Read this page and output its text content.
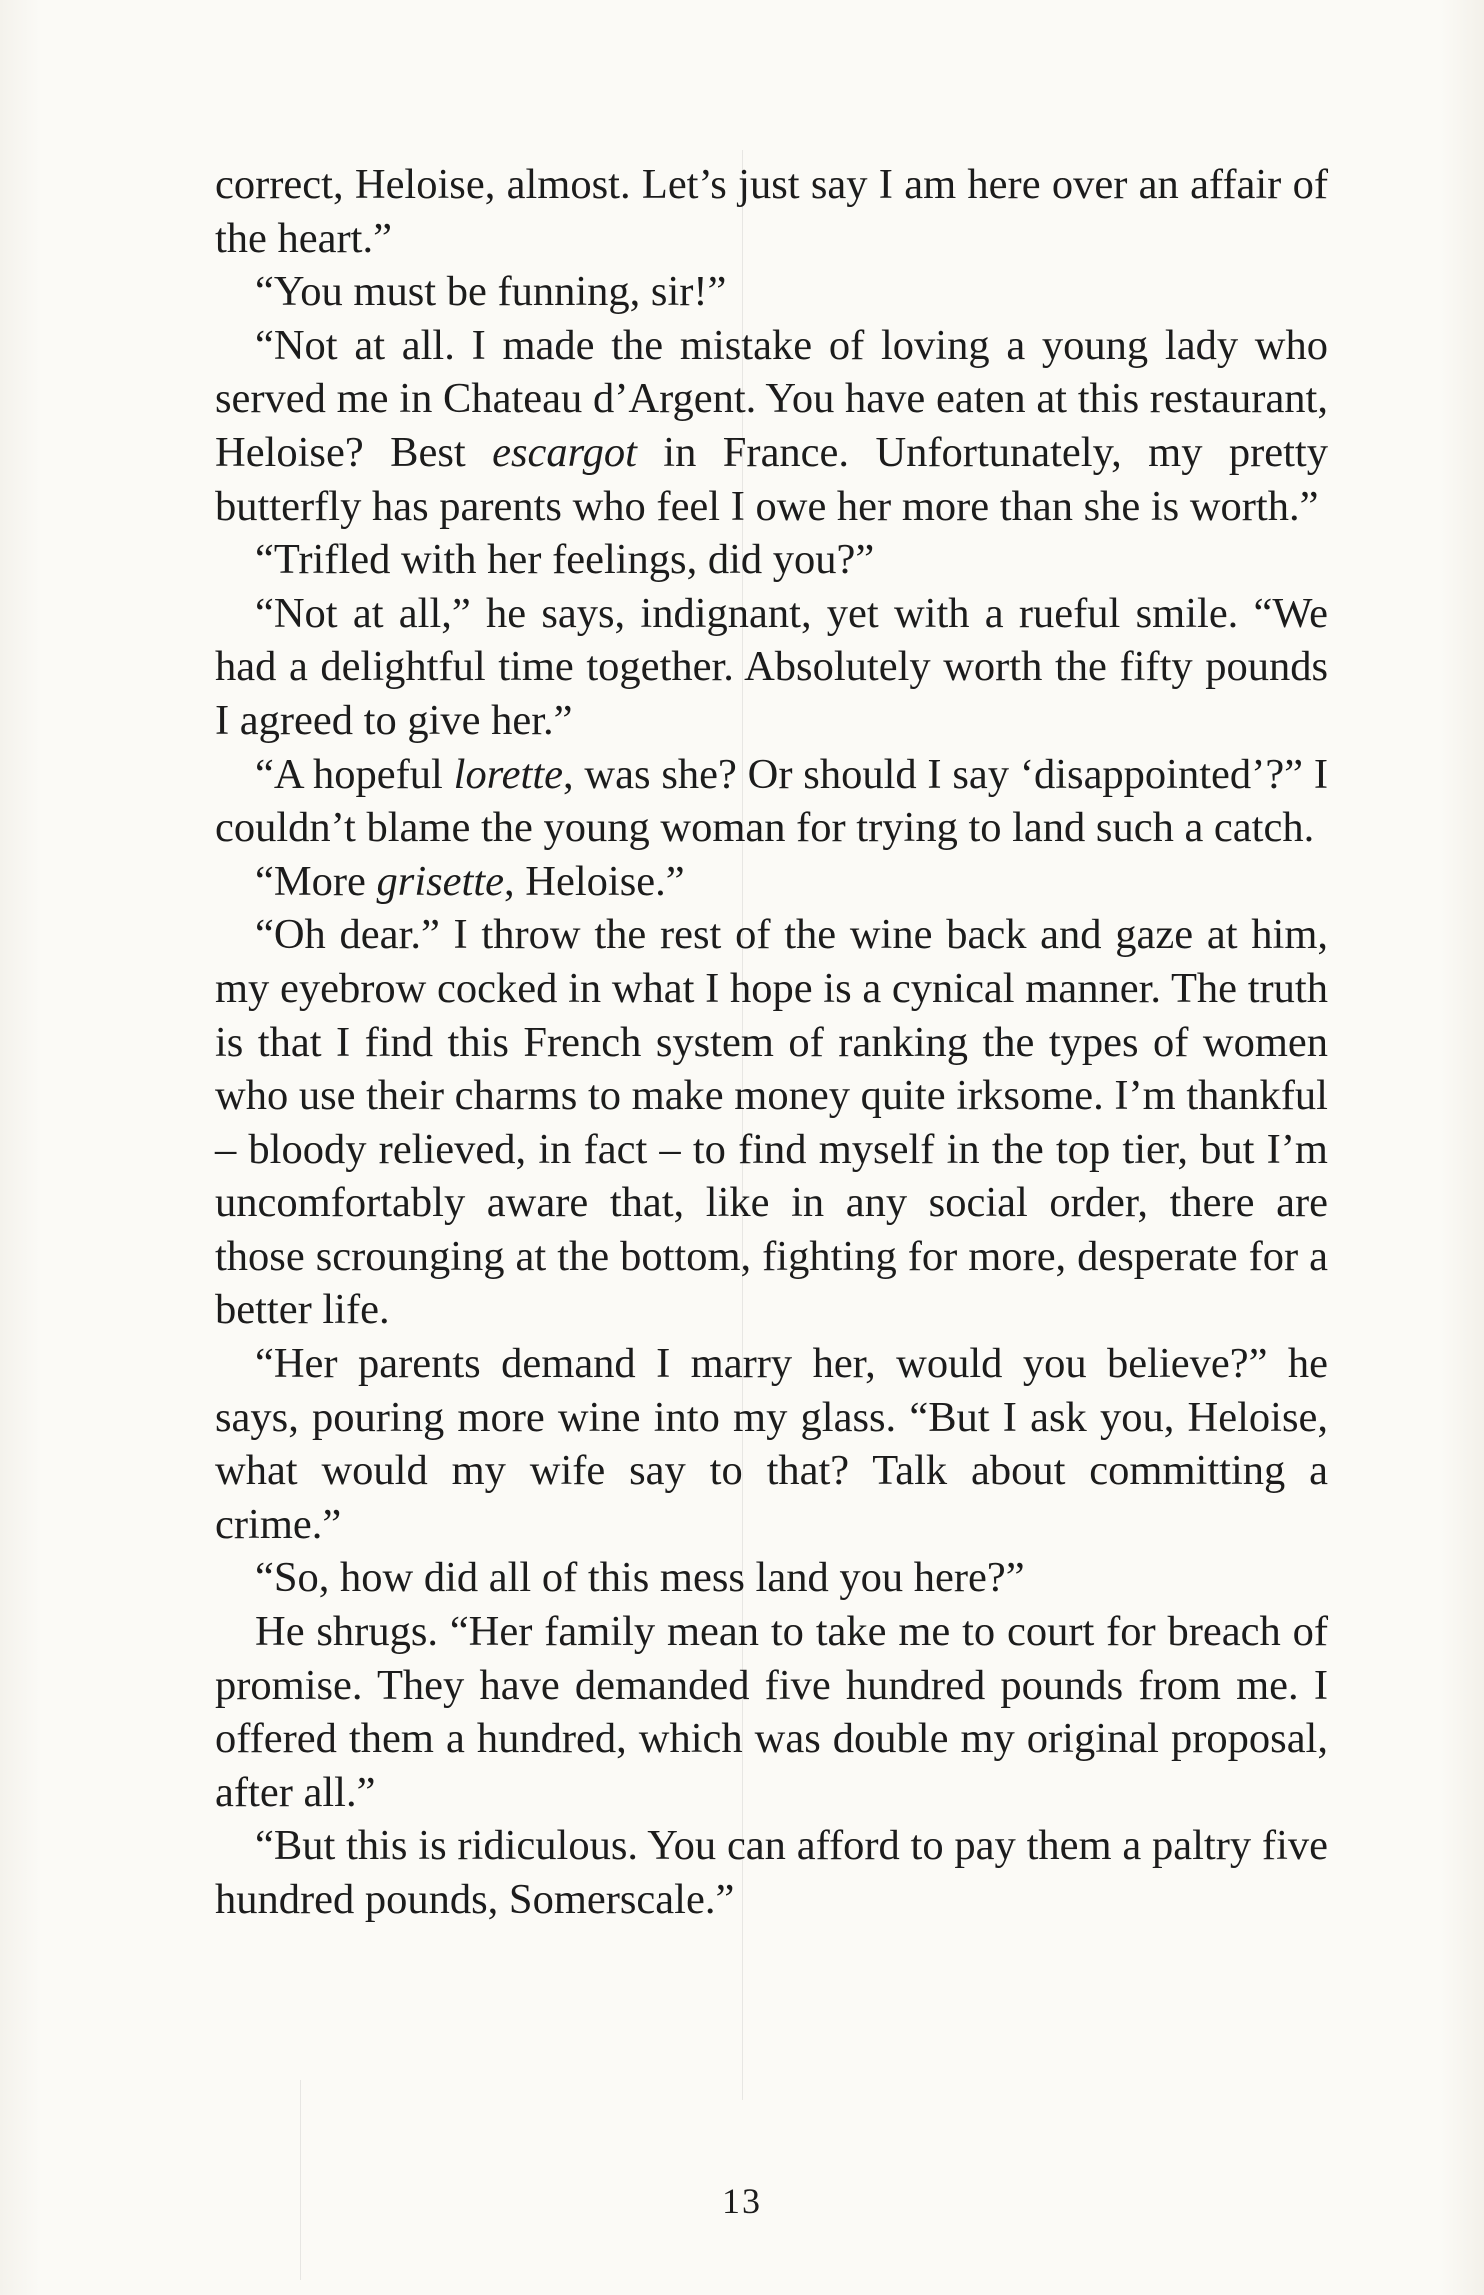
correct, Heloise, almost. Let’s just say I am here over an affair of the heart.”

“You must be funning, sir!”

“Not at all. I made the mistake of loving a young lady who served me in Chateau d’Argent. You have eaten at this restaurant, Heloise? Best escargot in France. Unfortunately, my pretty butterfly has parents who feel I owe her more than she is worth.”

“Trifled with her feelings, did you?”

“Not at all,” he says, indignant, yet with a rueful smile. “We had a delightful time together. Absolutely worth the fifty pounds I agreed to give her.”

“A hopeful lorette, was she? Or should I say ‘disappointed’?” I couldn’t blame the young woman for trying to land such a catch.

“More grisette, Heloise.”

“Oh dear.” I throw the rest of the wine back and gaze at him, my eyebrow cocked in what I hope is a cynical manner. The truth is that I find this French system of ranking the types of women who use their charms to make money quite irksome. I’m thankful – bloody relieved, in fact – to find myself in the top tier, but I’m uncomfortably aware that, like in any social order, there are those scrounging at the bottom, fighting for more, desperate for a better life.

“Her parents demand I marry her, would you believe?” he says, pouring more wine into my glass. “But I ask you, Heloise, what would my wife say to that? Talk about committing a crime.”

“So, how did all of this mess land you here?”

He shrugs. “Her family mean to take me to court for breach of promise. They have demanded five hundred pounds from me. I offered them a hundred, which was double my original proposal, after all.”

“But this is ridiculous. You can afford to pay them a paltry five hundred pounds, Somerscale.”

13
